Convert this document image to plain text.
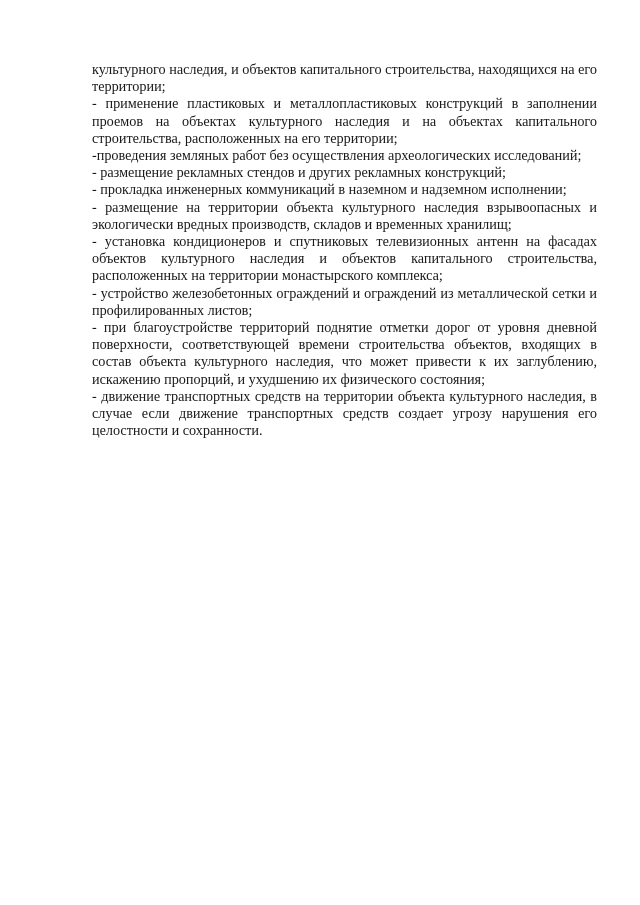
культурного наследия, и объектов капитального строительства, находящихся на его территории;

- применение пластиковых и металлопластиковых конструкций в заполнении проемов на объектах культурного наследия и на объектах капитального строительства, расположенных на его территории;

-проведения земляных работ без осуществления археологических исследований;

- размещение рекламных стендов и других рекламных конструкций;

- прокладка инженерных коммуникаций в наземном и надземном исполнении;

- размещение на территории объекта культурного наследия взрывоопасных и экологически вредных производств, складов и временных хранилищ;

- установка кондиционеров и спутниковых телевизионных антенн на фасадах объектов культурного наследия и объектов капитального строительства, расположенных на территории монастырского комплекса;

- устройство железобетонных ограждений и ограждений из металлической сетки и профилированных листов;

- при благоустройстве территорий поднятие отметки дорог от уровня дневной поверхности, соответствующей времени строительства объектов, входящих в состав объекта культурного наследия, что может привести к их заглублению, искажению пропорций, и ухудшению их физического состояния;

- движение транспортных средств на территории объекта культурного наследия, в случае если движение транспортных средств создает угрозу нарушения его целостности и сохранности.
